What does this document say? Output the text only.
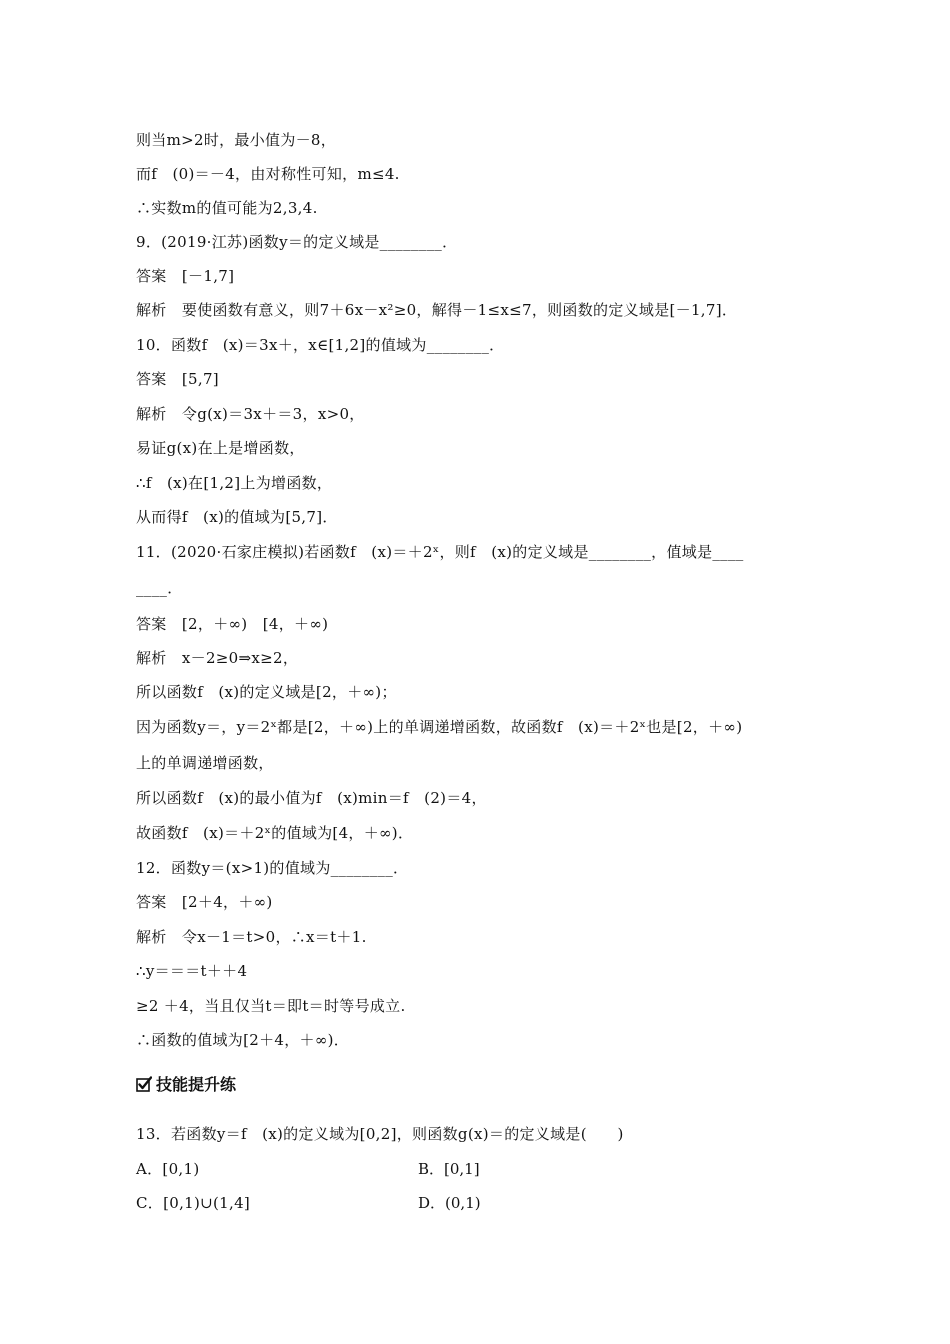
则当m>2时，最小值为－8，
而f　(0)＝－4，由对称性可知，m≤4.
∴实数m的值可能为2,3,4.
9．(2019·江苏)函数y＝的定义域是________．
答案　[－1,7]
解析　要使函数有意义，则7＋6x－x²≥0，解得－1≤x≤7，则函数的定义域是[－1,7]．
10．函数f　(x)＝3x＋，x∈[1,2]的值域为________．
答案　[5,7]
解析　令g(x)＝3x＋＝3，x>0，
易证g(x)在上是增函数，
∴f　(x)在[1,2]上为增函数，
从而得f　(x)的值域为[5,7]．
11．(2020·石家庄模拟)若函数f　(x)＝＋2ˣ，则f　(x)的定义域是________，值域是____
____．
答案　[2，＋∞)　[4，＋∞)
解析　x－2≥0⇒x≥2，
所以函数f　(x)的定义域是[2，＋∞)；
因为函数y＝，y＝2ˣ都是[2，＋∞)上的单调递增函数，故函数f　(x)＝＋2ˣ也是[2，＋∞)
上的单调递增函数，
所以函数f　(x)的最小值为f　(x)min＝f　(2)＝4，
故函数f　(x)＝＋2ˣ的值域为[4，＋∞)．
12．函数y＝(x>1)的值域为________．
答案　[2＋4，＋∞)
解析　令x－1＝t>0，∴x＝t＋1.
∴y＝＝＝t＋＋4
≥2 ＋4，当且仅当t＝即t＝时等号成立.
∴函数的值域为[2＋4，＋∞)．
技能提升练
13．若函数y＝f　(x)的定义域为[0,2]，则函数g(x)＝的定义域是(　　)
A．[0,1)	B．[0,1]
C．[0,1)∪(1,4]	D．(0,1)
